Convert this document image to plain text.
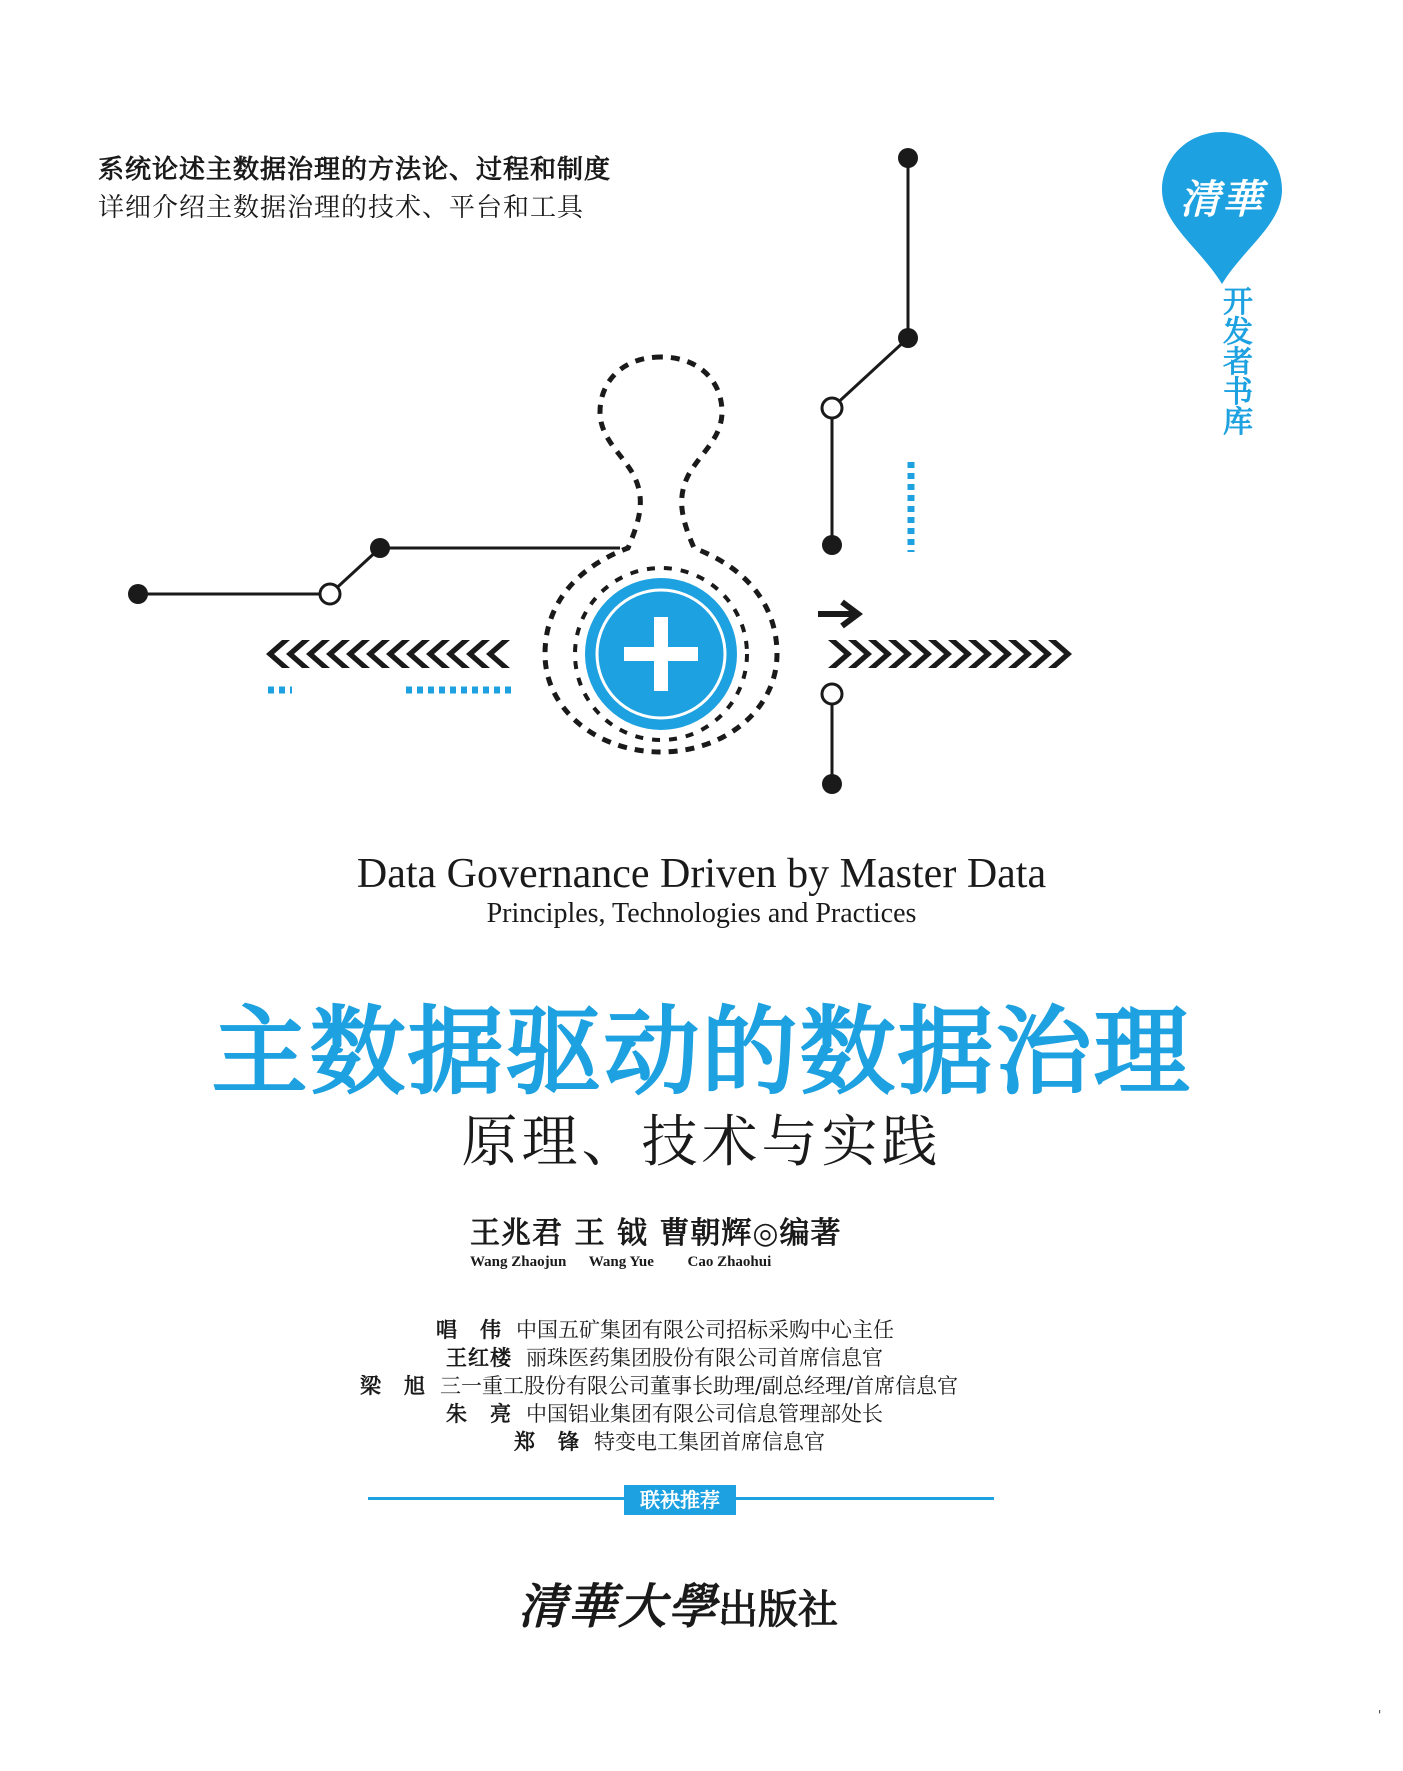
系统论述主数据治理的方法论、过程和制度
详细介绍主数据治理的技术、平台和工具	清華
开发者书库
Data Governance Driven by Master Data
Principles, Technologies and Practices
主数据驱动的数据治理
原理、技术与实践
王兆君 王 钺 曹朝辉◎编著
Wang Zhaojun Wang Yue Cao Zhaohui
唱　伟 中国五矿集团有限公司招标采购中心主任
王红楼 丽珠医药集团股份有限公司首席信息官
梁　旭 三一重工股份有限公司董事长助理/副总经理/首席信息官
朱　亮 中国铝业集团有限公司信息管理部处长
郑　锋 特变电工集团首席信息官
联袂推荐
清華大學出版社
'
